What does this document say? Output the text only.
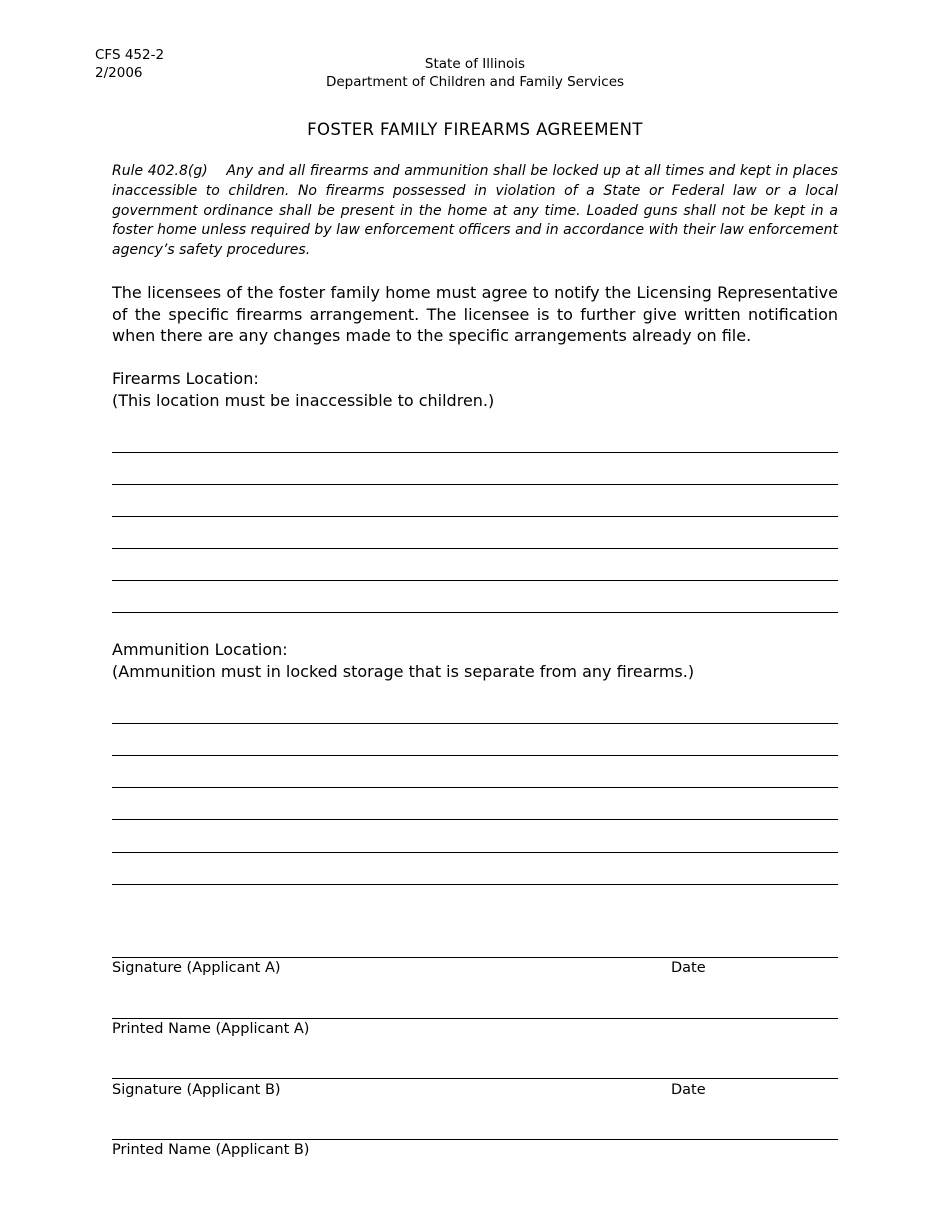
CFS 452-2
2/2006
State of Illinois
Department of Children and Family Services
FOSTER FAMILY FIREARMS AGREEMENT
Rule 402.8(g)    Any and all firearms and ammunition shall be locked up at all times and kept in places inaccessible to children. No firearms possessed in violation of a State or Federal law or a local government ordinance shall be present in the home at any time. Loaded guns shall not be kept in a foster home unless required by law enforcement officers and in accordance with their law enforcement agency’s safety procedures.
The licensees of the foster family home must agree to notify the Licensing Representative of the specific firearms arrangement. The licensee is to further give written notification when there are any changes made to the specific arrangements already on file.
Firearms Location:
(This location must be inaccessible to children.)
Ammunition Location:
(Ammunition must in locked storage that is separate from any firearms.)
Signature (Applicant A)	Date
Printed Name (Applicant A)
Signature (Applicant B)	Date
Printed Name (Applicant B)
